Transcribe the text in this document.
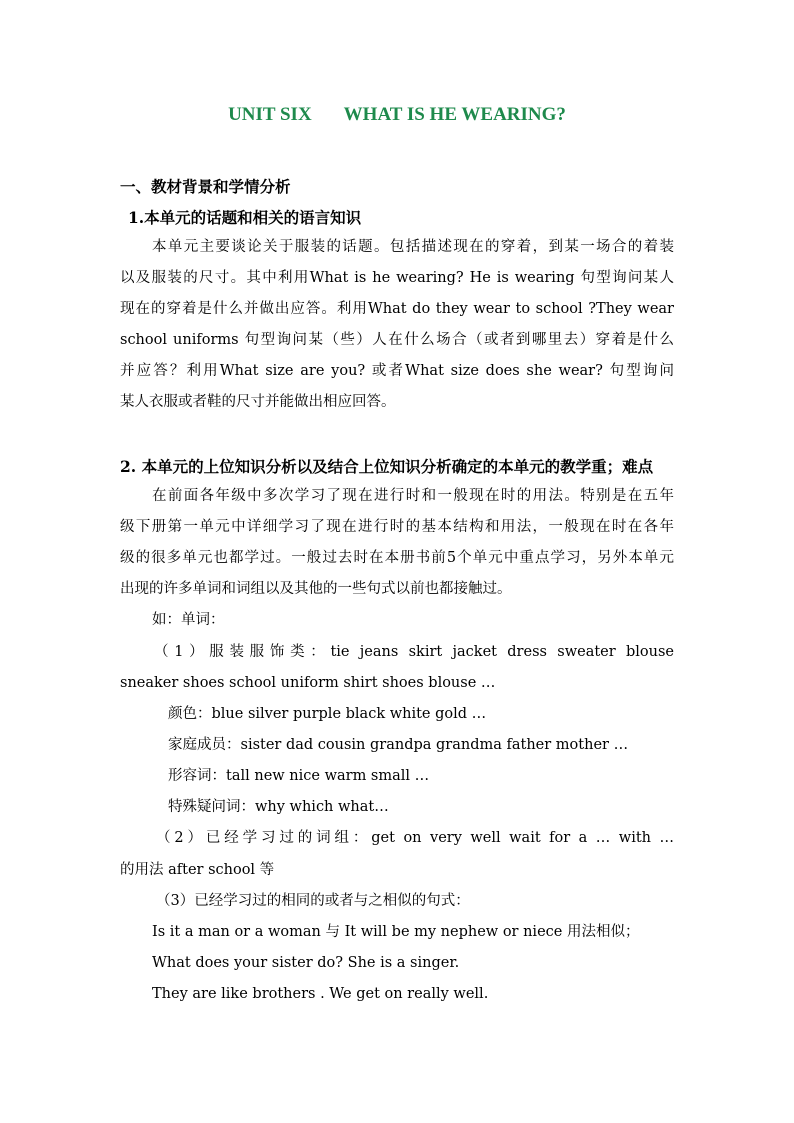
UNIT SIX WHAT IS HE WEARING?
一、教材背景和学情分析
1.本单元的话题和相关的语言知识
本单元主要谈论关于服装的话题。包括描述现在的穿着，到某一场合的着装
以及服装的尺寸。其中利用What is he wearing? He is wearing 句型询问某人
现在的穿着是什么并做出应答。利用What do they wear to school ?They wear
school uniforms 句型询问某（些）人在什么场合（或者到哪里去）穿着是什么
并应答？利用What size are you? 或者What size does she wear? 句型询问
某人衣服或者鞋的尺寸并能做出相应回答。
2. 本单元的上位知识分析以及结合上位知识分析确定的本单元的教学重；难点
在前面各年级中多次学习了现在进行时和一般现在时的用法。特别是在五年
级下册第一单元中详细学习了现在进行时的基本结构和用法，一般现在时在各年
级的很多单元也都学过。一般过去时在本册书前5个单元中重点学习，另外本单元
出现的许多单词和词组以及其他的一些句式以前也都接触过。
如：单词：
（1）服装服饰类：tie jeans skirt jacket dress sweater blouse
sneaker shoes school uniform shirt shoes blouse …
颜色：blue silver purple black white gold …
家庭成员：sister dad cousin grandpa grandma father mother …
形容词：tall new nice warm small …
特殊疑问词：why which what…
（2）已经学习过的词组：get on very well wait for a … with …
的用法 after school 等
（3）已经学习过的相同的或者与之相似的句式：
Is it a man or a woman 与 It will be my nephew or niece 用法相似；
What does your sister do? She is a singer.
They are like brothers . We get on really well.
